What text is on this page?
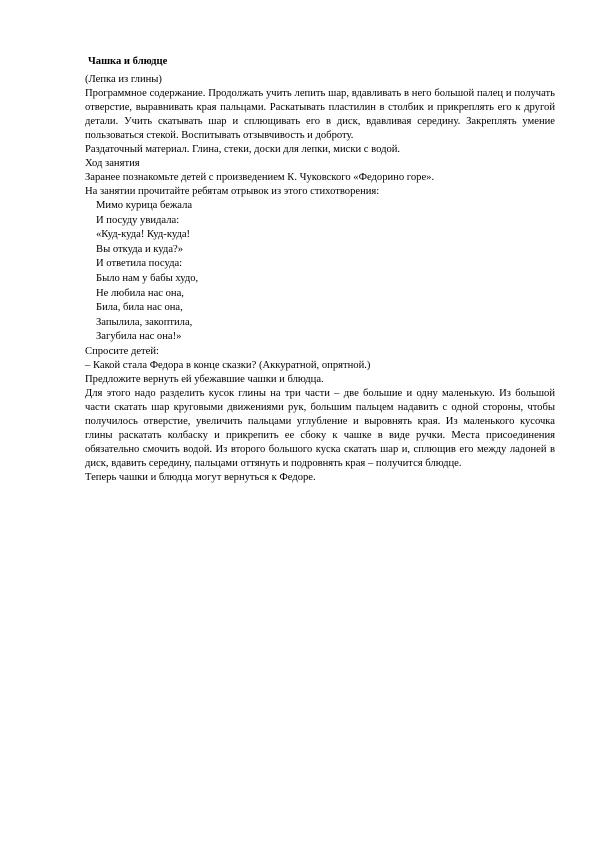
Чашка и блюдце

(Лепка из глины)

Программное содержание. Продолжать учить лепить шар, вдавливать в него большой палец и получать отверстие, выравнивать края пальцами. Раскатывать пластилин в столбик и прикреплять его к другой детали. Учить скатывать шар и сплющивать его в диск, вдавливая середину. Закреплять умение пользоваться стекой. Воспитывать отзывчивость и доброту.

Раздаточный материал. Глина, стеки, доски для лепки, миски с водой.

Ход занятия

Заранее познакомьте детей с произведением К. Чуковского «Федорино горе».

На занятии прочитайте ребятам отрывок из этого стихотворения:

Мимо курица бежала
И посуду увидала:
«Куд-куда! Куд-куда!
Вы откуда и куда?»
И ответила посуда:
Было нам у бабы худо,
Не любила нас она,
Била, била нас она,
Запылила, закоптила,
Загубила нас она!»

Спросите детей:

– Какой стала Федора в конце сказки? (Аккуратной, опрятной.)

Предложите вернуть ей убежавшие чашки и блюдца.

Для этого надо разделить кусок глины на три части – две большие и одну маленькую. Из большой части скатать шар круговыми движениями рук, большим пальцем надавить с одной стороны, чтобы получилось отверстие, увеличить пальцами углубление и выровнять края. Из маленького кусочка глины раскатать колбаску и прикрепить ее сбоку к чашке в виде ручки. Места присоединения обязательно смочить водой. Из второго большого куска скатать шар и, сплющив его между ладоней в диск, вдавить середину, пальцами оттянуть и подровнять края – получится блюдце.

Теперь чашки и блюдца могут вернуться к Федоре.
